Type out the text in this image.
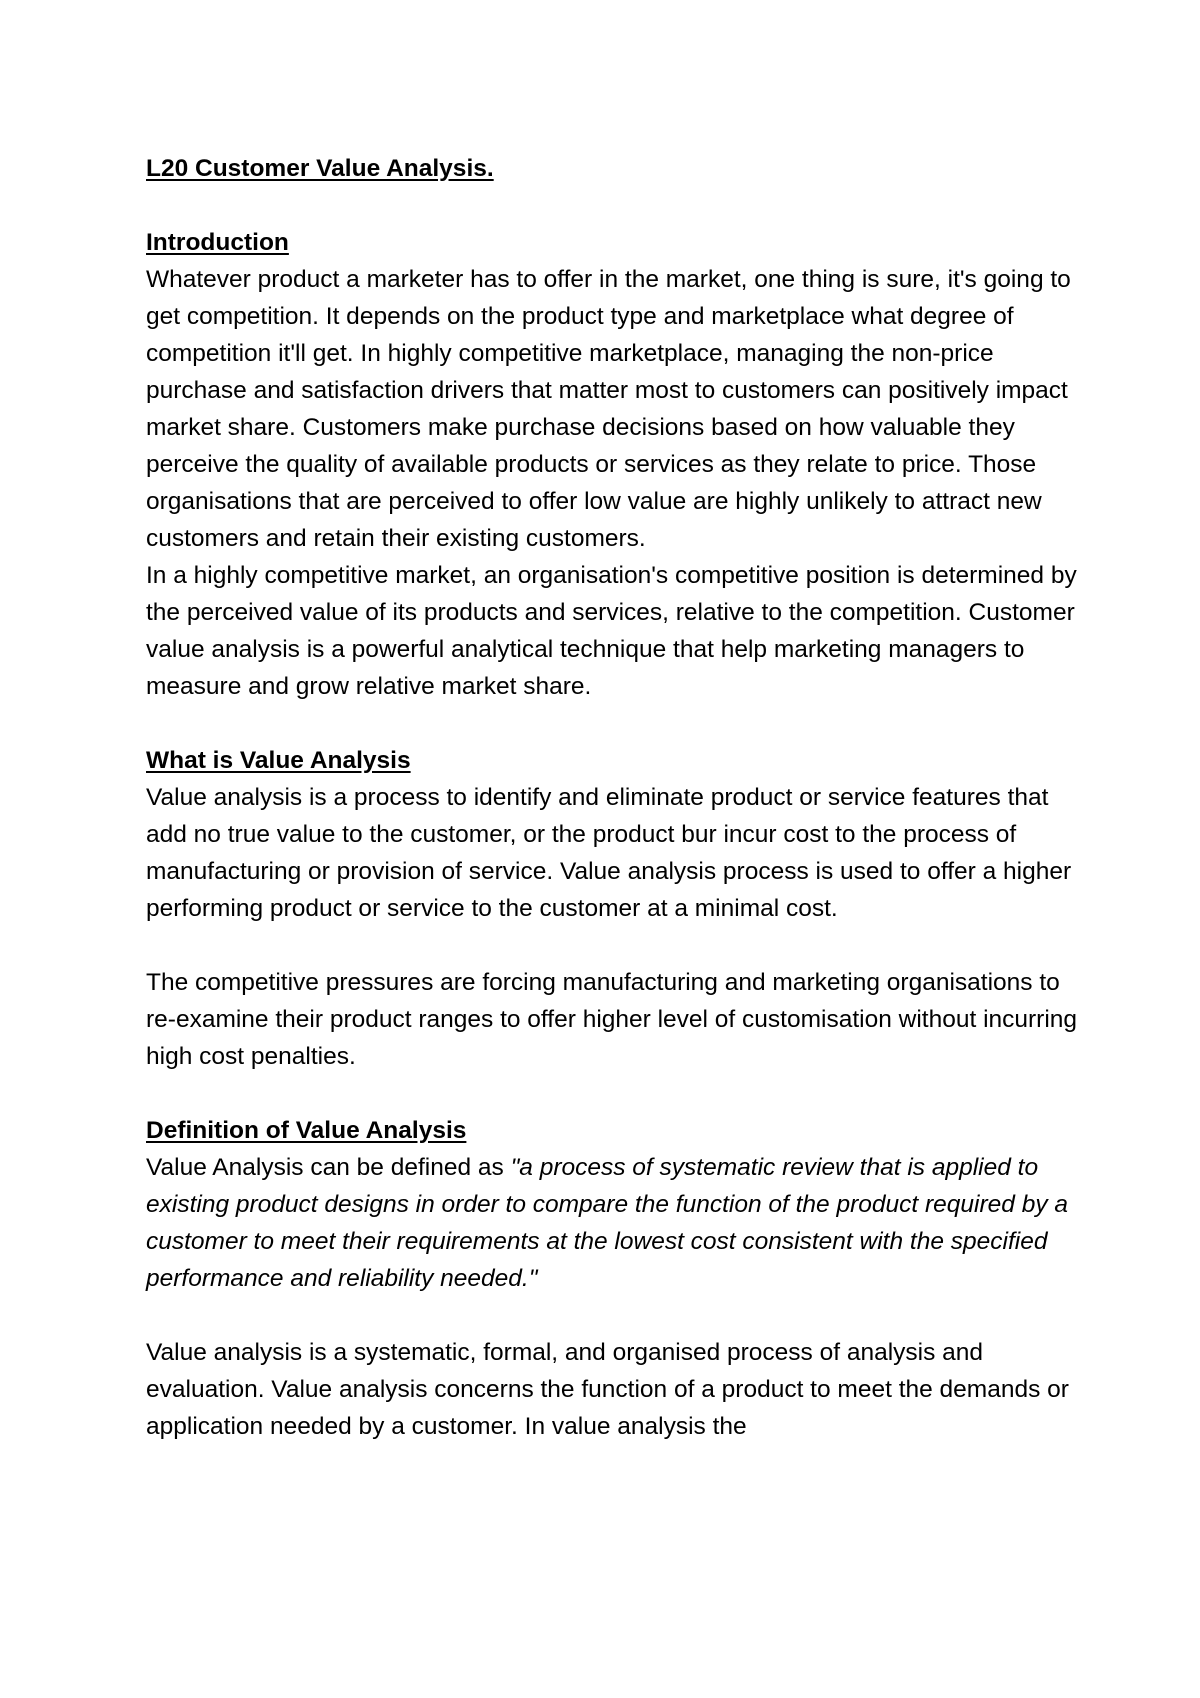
L20 Customer Value Analysis.
Introduction

Whatever product a marketer has to offer in the market, one thing is sure, it's going to get competition. It depends on the product type and marketplace what degree of competition it'll get. In highly competitive marketplace, managing the non-price purchase and satisfaction drivers that matter most to customers can positively impact market share. Customers make purchase decisions based on how valuable they perceive the quality of available products or services as they relate to price. Those organisations that are perceived to offer low value are highly unlikely to attract new customers and retain their existing customers.

In a highly competitive market, an organisation's competitive position is determined by the perceived value of its products and services, relative to the competition. Customer value analysis is a powerful analytical technique that help marketing managers to measure and grow relative market share.

What is Value Analysis

Value analysis is a process to identify and eliminate product or service features that add no true value to the customer, or the product bur incur cost to the process of manufacturing or provision of service. Value analysis process is used to offer a higher performing product or service to the customer at a minimal cost.

The competitive pressures are forcing manufacturing and marketing organisations to re-examine their product ranges to offer higher level of customisation without incurring high cost penalties.

Definition of Value Analysis

Value Analysis can be defined as "a process of systematic review that is applied to existing product designs in order to compare the function of the product required by a customer to meet their requirements at the lowest cost consistent with the specified performance and reliability needed."

Value analysis is a systematic, formal, and organised process of analysis and evaluation. Value analysis concerns the function of a product to meet the demands or application needed by a customer. In value analysis the
